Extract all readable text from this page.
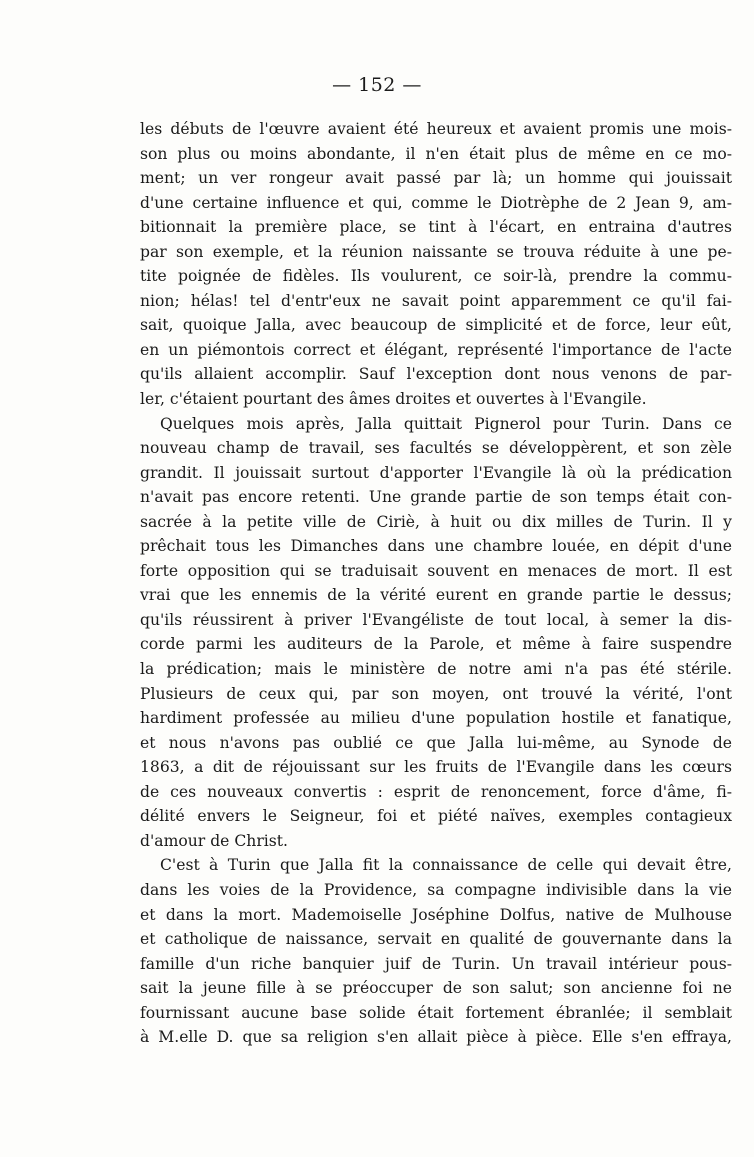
— 152 —
les débuts de l'œuvre avaient été heureux et avaient promis une mois-
son plus ou moins abondante, il n'en était plus de même en ce mo-
ment; un ver rongeur avait passé par là; un homme qui jouissait
d'une certaine influence et qui, comme le Diotrèphe de 2 Jean 9, am-
bitionnait la première place, se tint à l'écart, en entraina d'autres
par son exemple, et la réunion naissante se trouva réduite à une pe-
tite poignée de fidèles. Ils voulurent, ce soir-là, prendre la commu-
nion; hélas! tel d'entr'eux ne savait point apparemment ce qu'il fai-
sait, quoique Jalla, avec beaucoup de simplicité et de force, leur eût,
en un piémontois correct et élégant, représenté l'importance de l'acte
qu'ils allaient accomplir. Sauf l'exception dont nous venons de par-
ler, c'étaient pourtant des âmes droites et ouvertes à l'Evangile.
Quelques mois après, Jalla quittait Pignerol pour Turin. Dans ce
nouveau champ de travail, ses facultés se développèrent, et son zèle
grandit. Il jouissait surtout d'apporter l'Evangile là où la prédication
n'avait pas encore retenti. Une grande partie de son temps était con-
sacrée à la petite ville de Ciriè, à huit ou dix milles de Turin. Il y
prêchait tous les Dimanches dans une chambre louée, en dépit d'une
forte opposition qui se traduisait souvent en menaces de mort. Il est
vrai que les ennemis de la vérité eurent en grande partie le dessus;
qu'ils réussirent à priver l'Evangéliste de tout local, à semer la dis-
corde parmi les auditeurs de la Parole, et même à faire suspendre
la prédication; mais le ministère de notre ami n'a pas été stérile.
Plusieurs de ceux qui, par son moyen, ont trouvé la vérité, l'ont
hardiment professée au milieu d'une population hostile et fanatique,
et nous n'avons pas oublié ce que Jalla lui-même, au Synode de
1863, a dit de réjouissant sur les fruits de l'Evangile dans les cœurs
de ces nouveaux convertis : esprit de renoncement, force d'âme, fi-
délité envers le Seigneur, foi et piété naïves, exemples contagieux
d'amour de Christ.
C'est à Turin que Jalla fit la connaissance de celle qui devait être,
dans les voies de la Providence, sa compagne indivisible dans la vie
et dans la mort. Mademoiselle Joséphine Dolfus, native de Mulhouse
et catholique de naissance, servait en qualité de gouvernante dans la
famille d'un riche banquier juif de Turin. Un travail intérieur pous-
sait la jeune fille à se préoccuper de son salut; son ancienne foi ne
fournissant aucune base solide était fortement ébranlée; il semblait
à M.elle D. que sa religion s'en allait pièce à pièce. Elle s'en effraya,
